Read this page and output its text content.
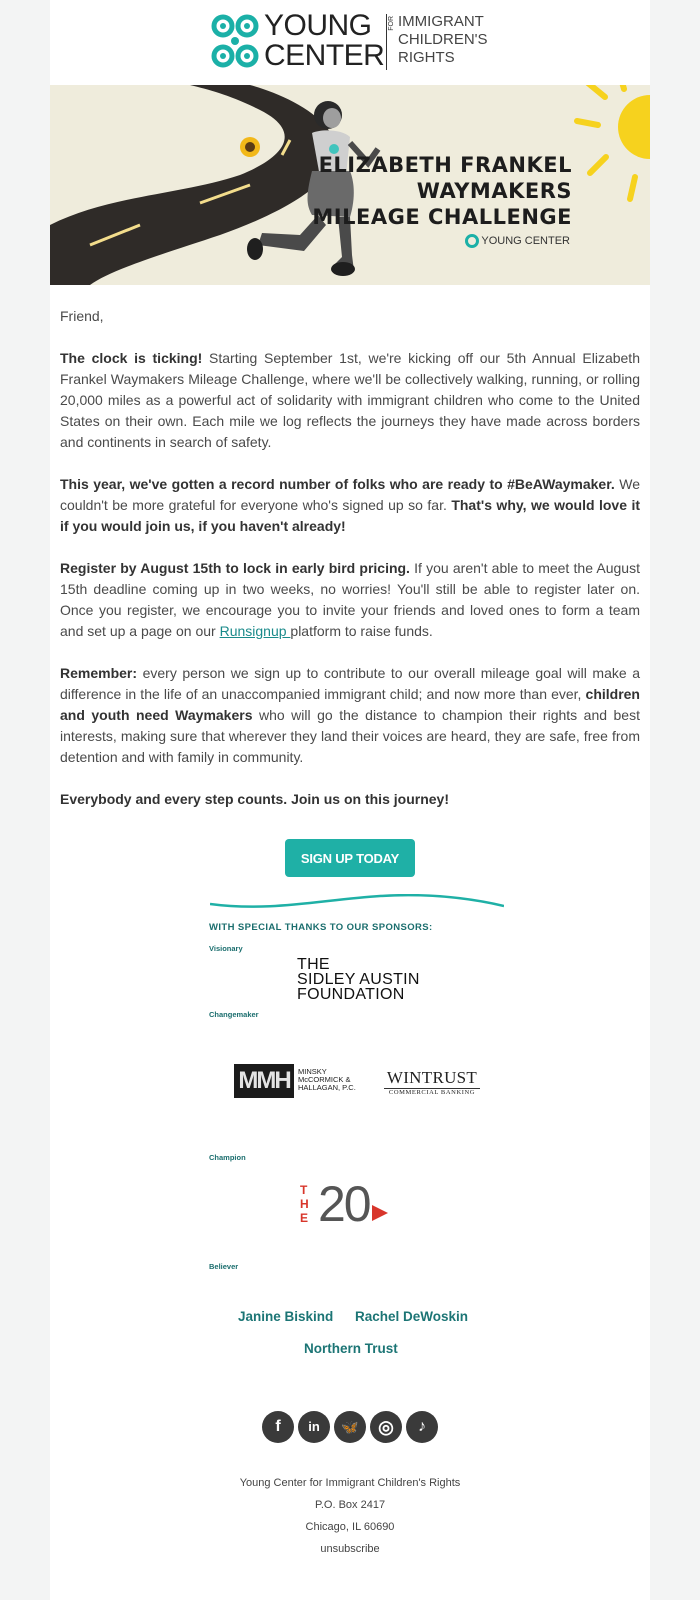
YOUNG
CENTER
FOR IMMIGRANT
CHILDREN'S
RIGHTS
ELIZABETH FRANKEL
WAYMAKERS
MILEAGE CHALLENGE
YOUNG CENTER

Friend,

The clock is ticking! Starting September 1st, we're kicking off our 5th Annual Elizabeth Frankel Waymakers Mileage Challenge, where we'll be collectively walking, running, or rolling 20,000 miles as a powerful act of solidarity with immigrant children who come to the United States on their own. Each mile we log reflects the journeys they have made across borders and continents in search of safety.

This year, we've gotten a record number of folks who are ready to #BeAWaymaker. We couldn't be more grateful for everyone who's signed up so far. That's why, we would love it if you would join us, if you haven't already!

Register by August 15th to lock in early bird pricing. If you aren't able to meet the August 15th deadline coming up in two weeks, no worries! You'll still be able to register later on. Once you register, we encourage you to invite your friends and loved ones to form a team and set up a page on our Runsignup platform to raise funds.

Remember: every person we sign up to contribute to our overall mileage goal will make a difference in the life of an unaccompanied immigrant child; and now more than ever, children and youth need Waymakers who will go the distance to champion their rights and best interests, making sure that wherever they land their voices are heard, they are safe, free from detention and with family in community.

Everybody and every step counts. Join us on this journey!

SIGN UP TODAY
WITH SPECIAL THANKS TO OUR SPONSORS:
Visionary
THE
SIDLEY AUSTIN
FOUNDATION
Changemaker
MMH	MINSKY
McCORMICK &
HALLAGAN, P.C.
WINTRUST
COMMERCIAL BANKING
Champion
THE 20
Believer
Janine Biskind Rachel DeWoskin
Northern Trust
f	in	🦋	◎	♪
Young Center for Immigrant Children's Rights
P.O. Box 2417
Chicago, IL 60690
unsubscribe
